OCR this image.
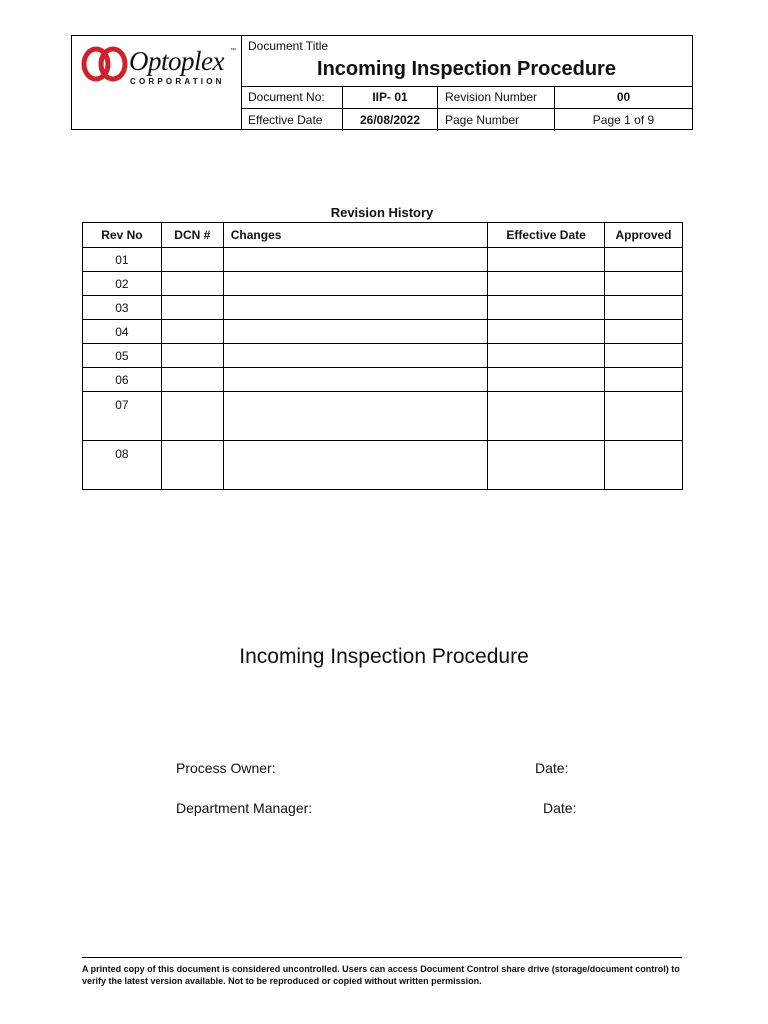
Optoplex ™
CORPORATION
Document Title
Incoming Inspection Procedure
Document No:	IIP- 01	Revision Number	00
Effective Date	26/08/2022	Page Number	Page 1 of 9
Revision History
Rev No	DCN #	Changes	Effective Date	Approved
01				
02				
03				
04				
05				
06				
07				
08				
Incoming Inspection Procedure
Process Owner:	Date:
Department Manager:	Date:
A printed copy of this document is considered uncontrolled. Users can access Document Control share drive (storage/document control) to verify the latest version available. Not to be reproduced or copied without written permission.
